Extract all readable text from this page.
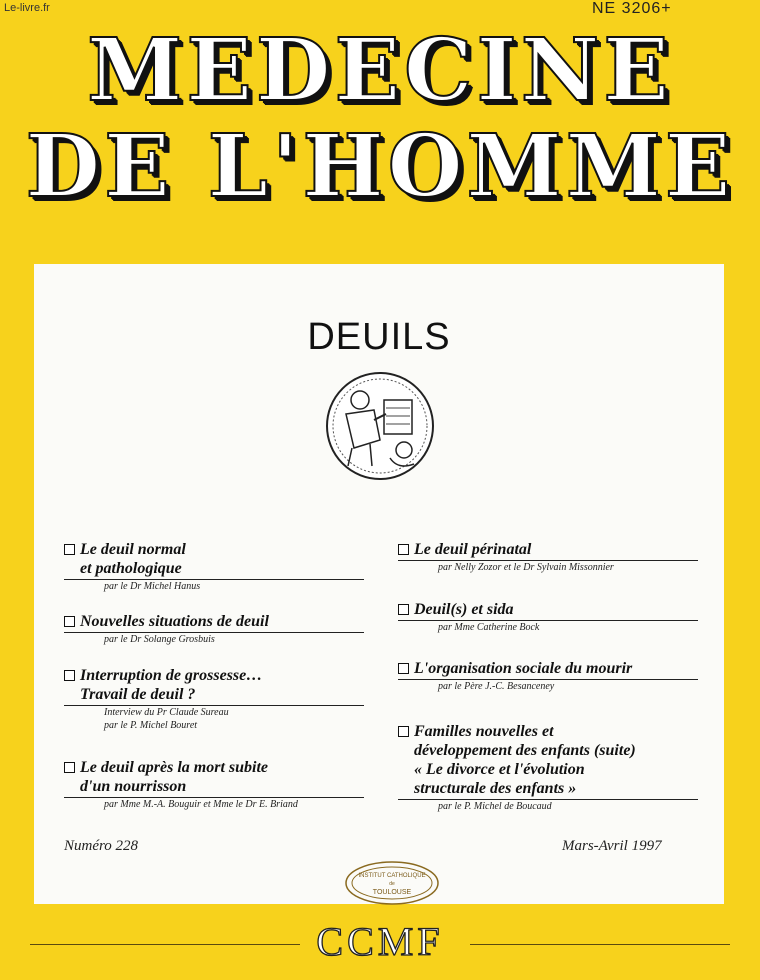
Le-livre.fr	NE 3206+
MEDECINE
DE L'HOMME
DEUILS
Le deuil normal
et pathologique
par le Dr Michel Hanus
Nouvelles situations de deuil
par le Dr Solange Grosbuis
Interruption de grossesse…
Travail de deuil ?
Interview du Pr Claude Sureau
par le P. Michel Bouret
Le deuil après la mort subite
d'un nourrisson
par Mme M.-A. Bouguir et Mme le Dr E. Briand
Le deuil périnatal
par Nelly Zozor et le Dr Sylvain Missonnier
Deuil(s) et sida
par Mme Catherine Bock
L'organisation sociale du mourir
par le Père J.-C. Besanceney
Familles nouvelles et
développement des enfants (suite)
« Le divorce et l'évolution
structurale des enfants »
par le P. Michel de Boucaud
Numéro 228	Mars-Avril 1997
INSTITUT CATHOLIQUE
de
TOULOUSE
CCMF
